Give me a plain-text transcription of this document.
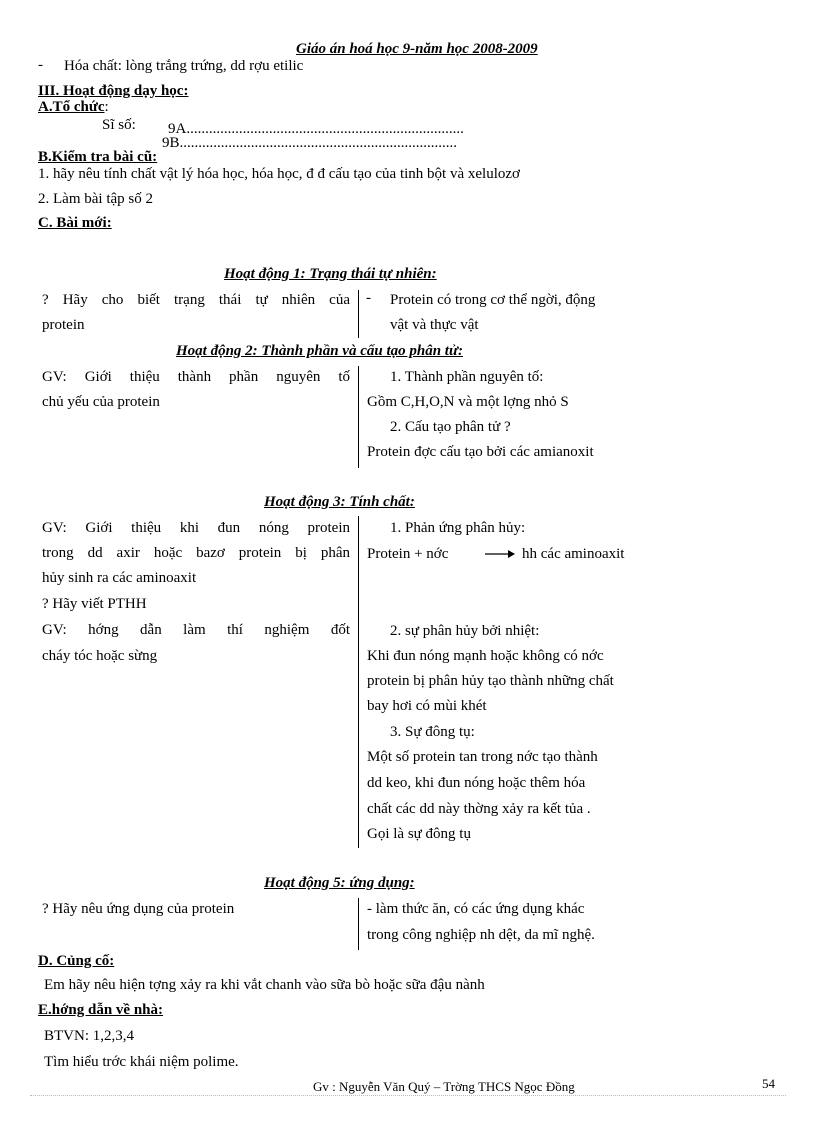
Giáo án hoá học 9-năm học 2008-2009
- Hóa chất: lòng trắng trứng, dd rợu etilic
III. Hoạt động dạy học:
A.Tổ chức:
Sĩ số: 9A..........................................................................
9B..........................................................................
B.Kiểm tra bài cũ:
1. hãy nêu tính chất vật lý hóa học, hóa học, đ đ cấu tạo của tinh bột và xelulozơ
2. Làm bài tập số 2
C. Bài mới:
Hoạt động 1: Trạng thái tự nhiên:
? Hãy cho biết trạng thái tự nhiên của
protein
- Protein có trong cơ thể ngời, động
vật và thực vật
Hoạt động 2: Thành phần và cấu tạo phân tử:
GV: Giới thiệu thành phần nguyên tố
chủ yếu của protein
1. Thành phần nguyên tố:
Gồm C,H,O,N và một lợng nhỏ S
2. Cấu tạo phân tử ?
Protein đợc cấu tạo bởi các amianoxit
Hoạt động 3: Tính chất:
GV: Giới thiệu khi đun nóng protein
trong dd axir hoặc bazơ protein bị phân
hủy sinh ra các aminoaxit
? Hãy viết PTHH
GV: hớng dẫn làm thí nghiệm đốt
cháy tóc hoặc sừng
1. Phản ứng phân hủy:
Protein + nớc → hh các aminoaxit
2. sự phân hủy bởi nhiệt:
Khi đun nóng mạnh hoặc không có nớc
protein bị phân hủy tạo thành những chất
bay hơi có mùi khét
3. Sự đông tụ:
Một số protein tan trong nớc tạo thành
dd keo, khi đun nóng hoặc thêm hóa
chất các dd này thờng xảy ra kết tủa .
Gọi là sự đông tụ
Hoạt động 5: ứng dụng:
? Hãy nêu ứng dụng của protein	- làm thức ăn, có các ứng dụng khác
trong công nghiệp nh dệt, da mĩ nghệ.
D. Củng cố:
Em hãy nêu hiện tợng xảy ra khi vắt chanh vào sữa bò hoặc sữa đậu nành
E.hớng dẫn về nhà:
BTVN: 1,2,3,4
Tìm hiểu trớc khái niệm polime.
Gv : Nguyễn Văn Quý – Trờng THCS Ngọc Đồng	54
